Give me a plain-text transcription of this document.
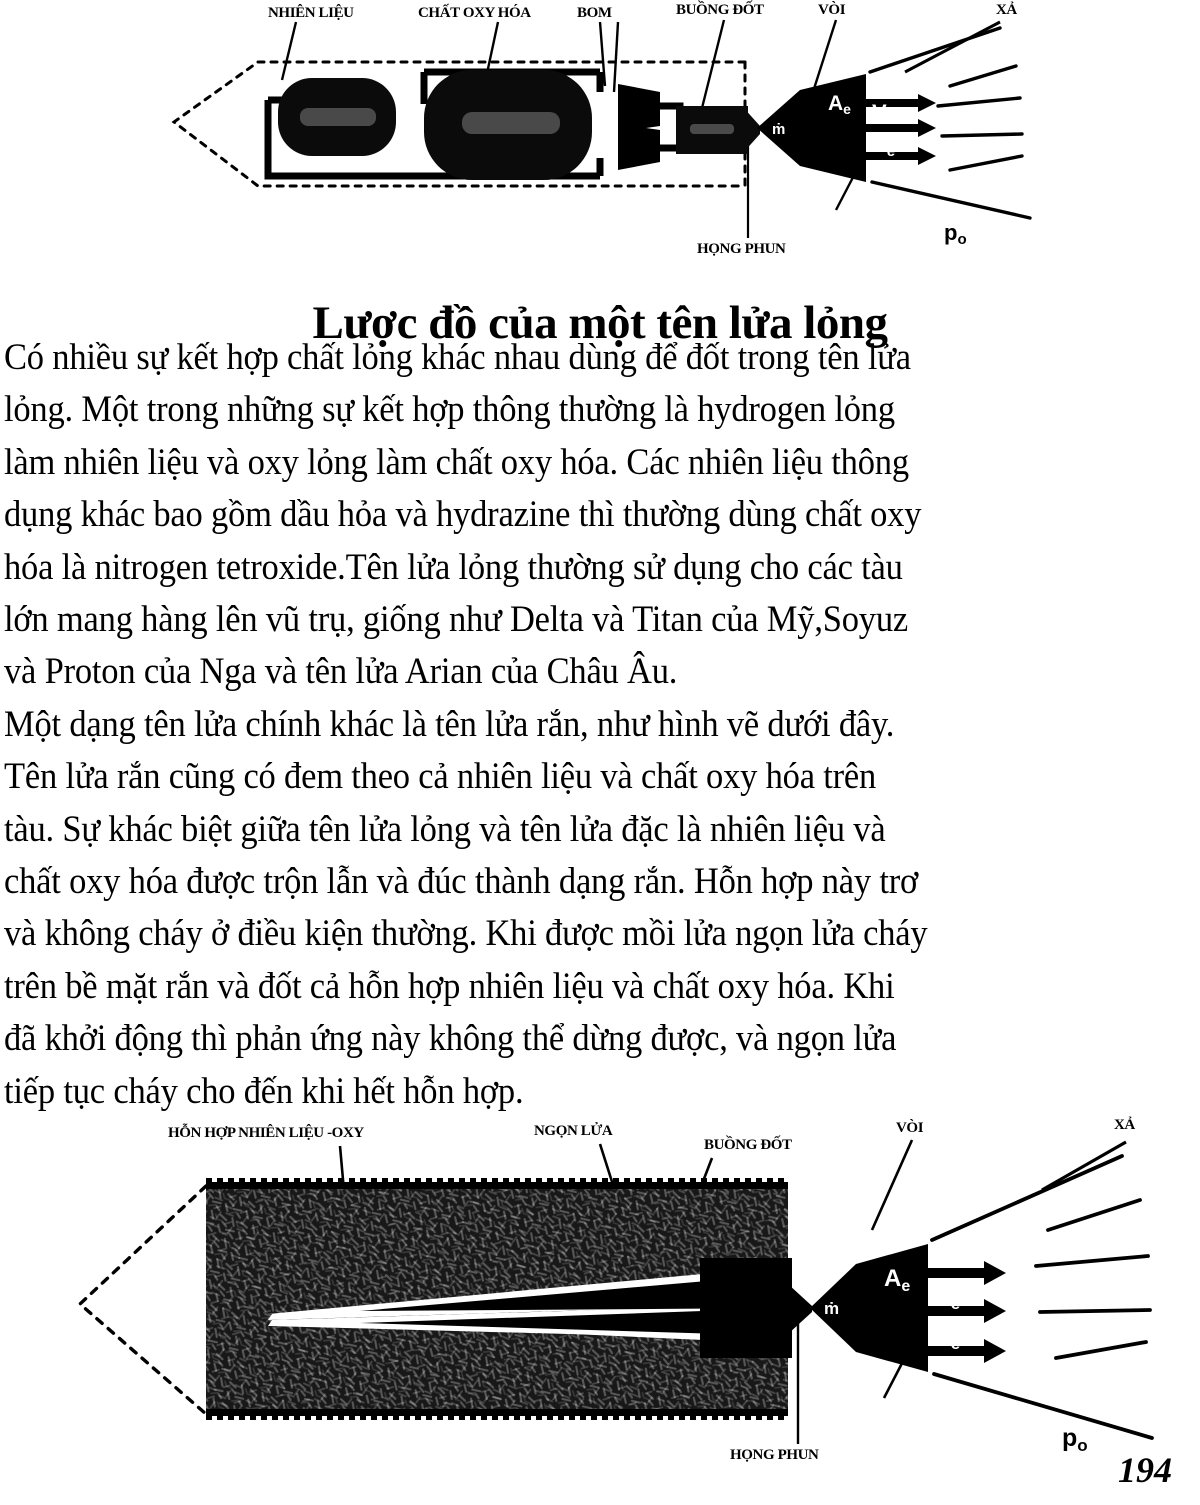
NHIÊN LIỆU	CHẤT OXY HÓA	BOM	BUỒNG ĐỐT	VÒI	XẢ
HỌNG PHUN
ṁ
Ae Ve
Pe
po
Lược đồ của một tên lửa lỏng
Có nhiều sự kết hợp chất lỏng khác nhau dùng để đốt trong tên lửa
lỏng. Một trong những sự kết hợp thông thường là hydrogen lỏng
làm nhiên liệu và oxy lỏng làm chất oxy hóa. Các nhiên liệu thông
dụng khác bao gồm dầu hỏa và hydrazine thì thường dùng chất oxy
hóa là nitrogen tetroxide.Tên lửa lỏng thường sử dụng cho các tàu
lớn mang hàng lên vũ trụ, giống như Delta và Titan của Mỹ,Soyuz
và Proton của Nga và tên lửa Arian của Châu Âu.
Một dạng tên lửa chính khác là tên lửa rắn, như hình vẽ dưới đây.
Tên lửa rắn cũng có đem theo cả nhiên liệu và chất oxy hóa trên
tàu. Sự khác biệt giữa tên lửa lỏng và tên lửa đặc là nhiên liệu và
chất oxy hóa được trộn lẫn và đúc thành dạng rắn. Hỗn hợp này trơ
và không cháy ở điều kiện thường. Khi được mồi lửa ngọn lửa cháy
trên bề mặt rắn và đốt cả hỗn hợp nhiên liệu và chất oxy hóa. Khi
đã khởi động thì phản ứng này không thể dừng được, và ngọn lửa
tiếp tục cháy cho đến khi hết hỗn hợp.
HỖN HỢP NHIÊN LIỆU -OXY	NGỌN LỬA
BUỒNG ĐỐT
VÒI	XẢ
HỌNG PHUN
ṁ
$A_e$ $V_e$
$P_e$
$p_o$
194
